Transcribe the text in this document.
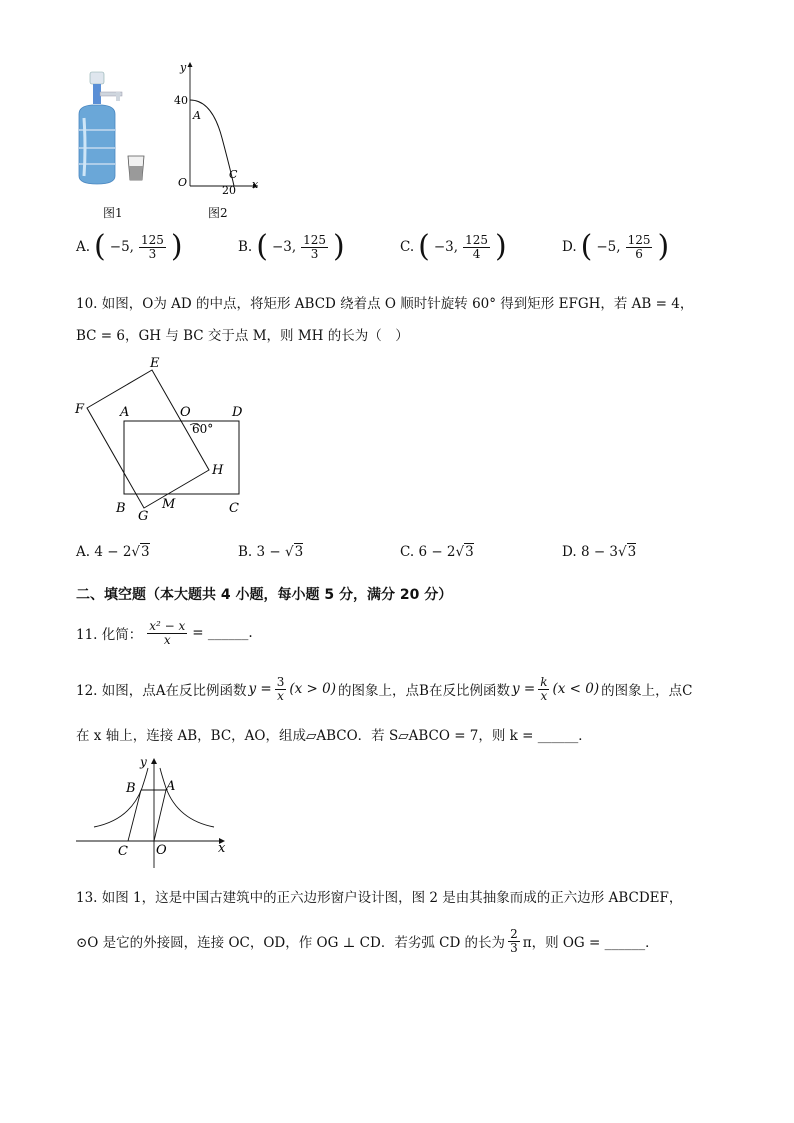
图1
y
40
A
O
C
20 x
图2
A. ( −5, $\frac{125}{3}$ )	B. ( −3, $\frac{125}{3}$ )	C. ( −3, $\frac{125}{4}$ )	D. ( −5, $\frac{125}{6}$ )
10. 如图，O为 AD 的中点，将矩形 ABCD 绕着点 O 顺时针旋转 60° 得到矩形 EFGH，若 AB = 4，
BC = 6，GH 与 BC 交于点 M，则 MH 的长为（　）
E
F	A	O	D
60°
H
B
G
M	C
A. 4 − 2√3	B. 3 − √3	C. 6 − 2√3	D. 8 − 3√3
二、填空题（本大题共 4 小题，每小题 5 分，满分 20 分）
11. 化简： $\frac{\text{x² − x}}{x}$ = ______.
12. 如图，点A在反比例函数 $y = \frac{3}{x} (x > 0)$ 的图象上，点B在反比例函数 $y = \frac{k}{x} (x < 0)$ 的图象上，点C
在 x 轴上，连接 AB，BC，AO，组成▱ABCO．若 S▱ABCO = 7，则 k = ______．
y
B A
C O	x
13. 如图 1，这是中国古建筑中的正六边形窗户设计图，图 2 是由其抽象而成的正六边形 ABCDEF，
⊙O 是它的外接圆，连接 OC，OD，作 OG ⊥ CD．若劣弧 CD 的长为 $\frac{2}{3}$ π，则 OG = ______．
